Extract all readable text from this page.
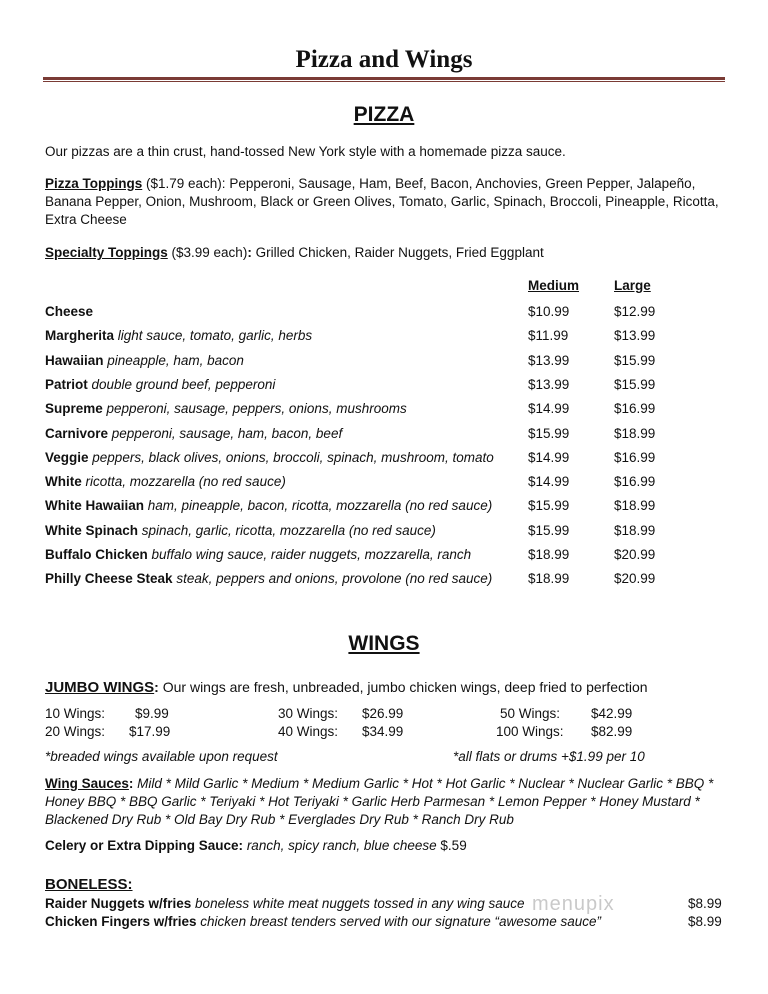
Pizza and Wings
PIZZA
Our pizzas are a thin crust, hand-tossed New York style with a homemade pizza sauce.
Pizza Toppings ($1.79 each): Pepperoni, Sausage, Ham, Beef, Bacon, Anchovies, Green Pepper, Jalapeño, Banana Pepper, Onion, Mushroom, Black or Green Olives, Tomato, Garlic, Spinach, Broccoli, Pineapple, Ricotta, Extra Cheese
Specialty Toppings ($3.99 each): Grilled Chicken, Raider Nuggets, Fried Eggplant
Medium	Large
Cheese	$10.99	$12.99
Margherita light sauce, tomato, garlic, herbs	$11.99	$13.99
Hawaiian pineapple, ham, bacon	$13.99	$15.99
Patriot double ground beef, pepperoni	$13.99	$15.99
Supreme pepperoni, sausage, peppers, onions, mushrooms	$14.99	$16.99
Carnivore pepperoni, sausage, ham, bacon, beef	$15.99	$18.99
Veggie peppers, black olives, onions, broccoli, spinach, mushroom, tomato	$14.99	$16.99
White ricotta, mozzarella (no red sauce)	$14.99	$16.99
White Hawaiian ham, pineapple, bacon, ricotta, mozzarella (no red sauce)	$15.99	$18.99
White Spinach spinach, garlic, ricotta, mozzarella (no red sauce)	$15.99	$18.99
Buffalo Chicken buffalo wing sauce, raider nuggets, mozzarella, ranch	$18.99	$20.99
Philly Cheese Steak steak, peppers and onions, provolone (no red sauce)	$18.99	$20.99
WINGS
JUMBO WINGS: Our wings are fresh, unbreaded, jumbo chicken wings, deep fried to perfection
10 Wings: $9.99
20 Wings: $17.99
30 Wings: $26.99
40 Wings: $34.99
50 Wings: $42.99
100 Wings: $82.99
*breaded wings available upon request	*all flats or drums +$1.99 per 10
Wing Sauces: Mild * Mild Garlic * Medium * Medium Garlic * Hot * Hot Garlic * Nuclear * Nuclear Garlic * BBQ * Honey BBQ * BBQ Garlic * Teriyaki * Hot Teriyaki * Garlic Herb Parmesan * Lemon Pepper * Honey Mustard * Blackened Dry Rub * Old Bay Dry Rub * Everglades Dry Rub * Ranch Dry Rub
Celery or Extra Dipping Sauce: ranch, spicy ranch, blue cheese $.59
BONELESS:
Raider Nuggets w/fries boneless white meat nuggets tossed in any wing sauce	$8.99
Chicken Fingers w/fries chicken breast tenders served with our signature “awesome sauce”	$8.99
menupix
